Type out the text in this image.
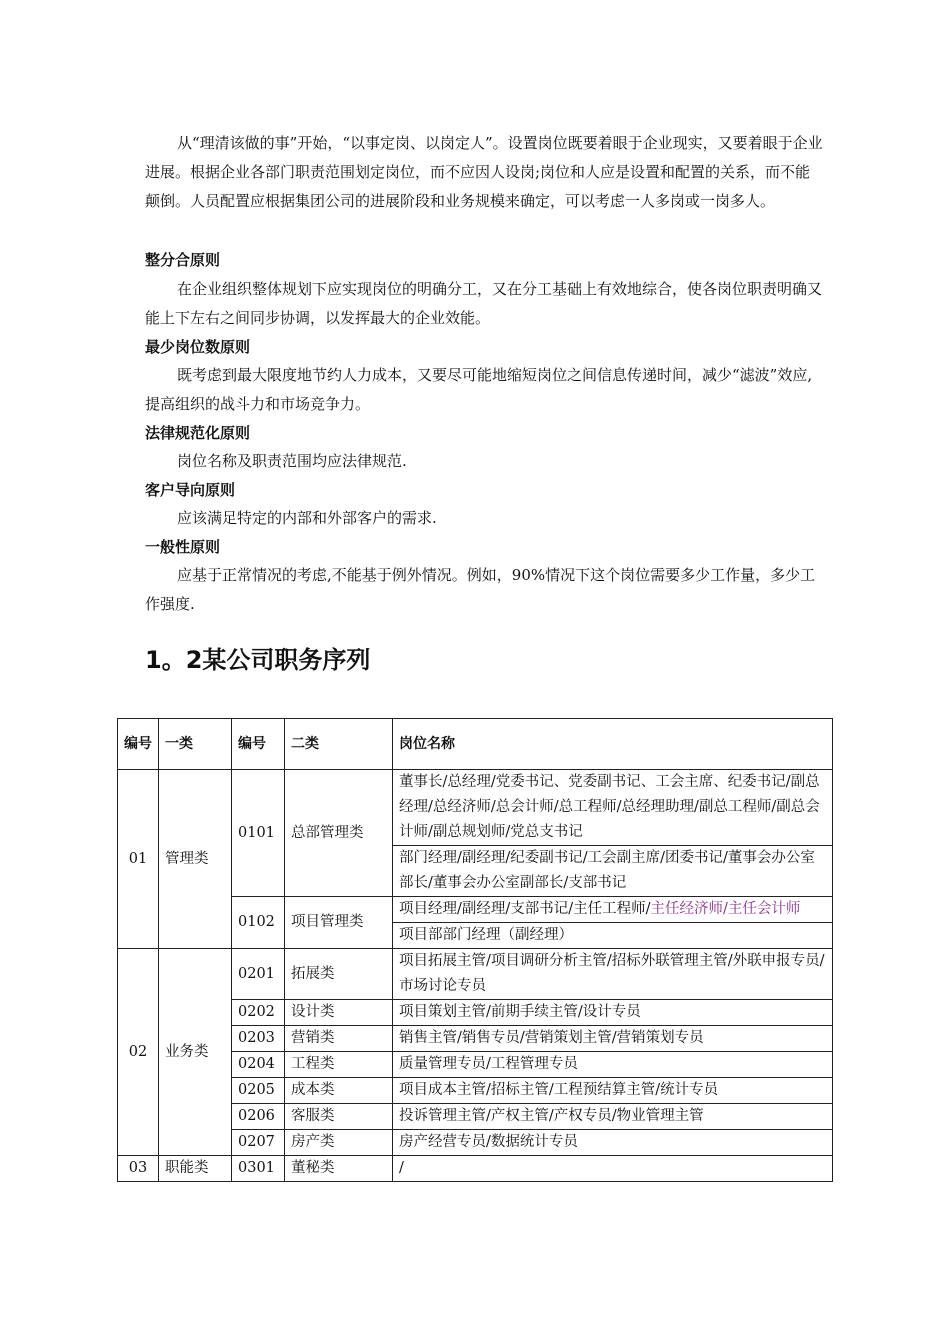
从“理清该做的事”开始，“以事定岗、以岗定人”。设置岗位既要着眼于企业现实，又要着眼于企业进展。根据企业各部门职责范围划定岗位，而不应因人设岗;岗位和人应是设置和配置的关系，而不能颠倒。人员配置应根据集团公司的进展阶段和业务规模来确定，可以考虑一人多岗或一岗多人。

整分合原则

在企业组织整体规划下应实现岗位的明确分工，又在分工基础上有效地综合，使各岗位职责明确又能上下左右之间同步协调，以发挥最大的企业效能。

最少岗位数原则

既考虑到最大限度地节约人力成本，又要尽可能地缩短岗位之间信息传递时间，减少“滤波”效应,提高组织的战斗力和市场竞争力。

法律规范化原则

岗位名称及职责范围均应法律规范.

客户导向原则

应该满足特定的内部和外部客户的需求.

一般性原则

应基于正常情况的考虑,不能基于例外情况。例如，90%情况下这个岗位需要多少工作量，多少工作强度.

1。2某公司职务序列
编号	一类	编号	二类	岗位名称
01	管理类	0101	总部管理类	董事长/总经理/党委书记、党委副书记、工会主席、纪委书记/副总经理/总经济师/总会计师/总工程师/总经理助理/副总工程师/副总会计师/副总规划师/党总支书记
				部门经理/副经理/纪委副书记/工会副主席/团委书记/董事会办公室部长/董事会办公室副部长/支部书记
		0102	项目管理类	项目经理/副经理/支部书记/主任工程师/主任经济师/主任会计师
				项目部部门经理（副经理）
02	业务类	0201	拓展类	项目拓展主管/项目调研分析主管/招标外联管理主管/外联申报专员/市场讨论专员
		0202	设计类	项目策划主管/前期手续主管/设计专员
		0203	营销类	销售主管/销售专员/营销策划主管/营销策划专员
		0204	工程类	质量管理专员/工程管理专员
		0205	成本类	项目成本主管/招标主管/工程预结算主管/统计专员
		0206	客服类	投诉管理主管/产权主管/产权专员/物业管理主管
		0207	房产类	房产经营专员/数据统计专员
03	职能类	0301	董秘类	/
